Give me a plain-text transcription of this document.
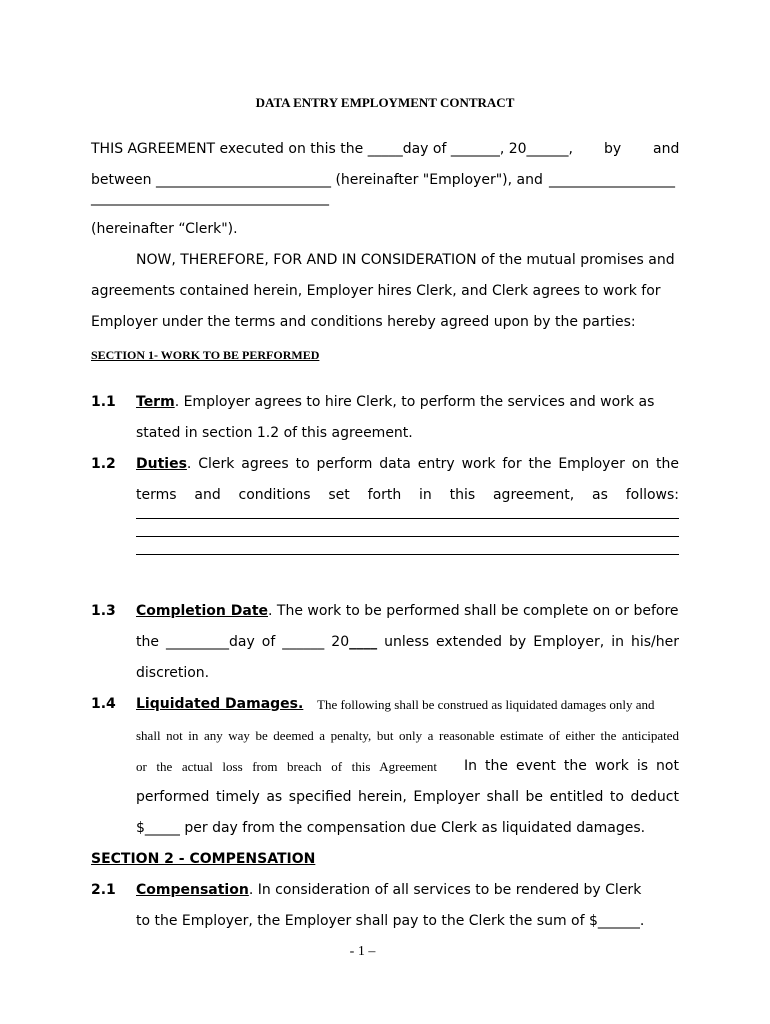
DATA ENTRY EMPLOYMENT CONTRACT
THIS AGREEMENT executed on this the _____day of _______, 20______, by and
between _________________________ (hereinafter "Employer"), and __________________
__________________________________
(hereinafter “Clerk").
NOW, THEREFORE, FOR AND IN CONSIDERATION of the mutual promises and
agreements contained herein, Employer hires Clerk, and Clerk agrees to work for
Employer under the terms and conditions hereby agreed upon by the parties:
SECTION 1- WORK TO BE PERFORMED
1.1 Term. Employer agrees to hire Clerk, to perform the services and work as
stated in section 1.2 of this agreement.
1.2 Duties. Clerk agrees to perform data entry work for the Employer on the
terms and conditions set forth in this agreement, as follows:
1.3 Completion Date. The work to be performed shall be complete on or before
the _________day of ______ 20____ unless extended by Employer, in his/her
discretion.
1.4 Liquidated Damages. The following shall be construed as liquidated damages only and
shall not in any way be deemed a penalty, but only a reasonable estimate of either the anticipated
or the actual loss from breach of this Agreement In the event the work is not
performed timely as specified herein, Employer shall be entitled to deduct
$_____ per day from the compensation due Clerk as liquidated damages.
SECTION 2 - COMPENSATION
2.1 Compensation. In consideration of all services to be rendered by Clerk
to the Employer, the Employer shall pay to the Clerk the sum of $______.
- 1 –
